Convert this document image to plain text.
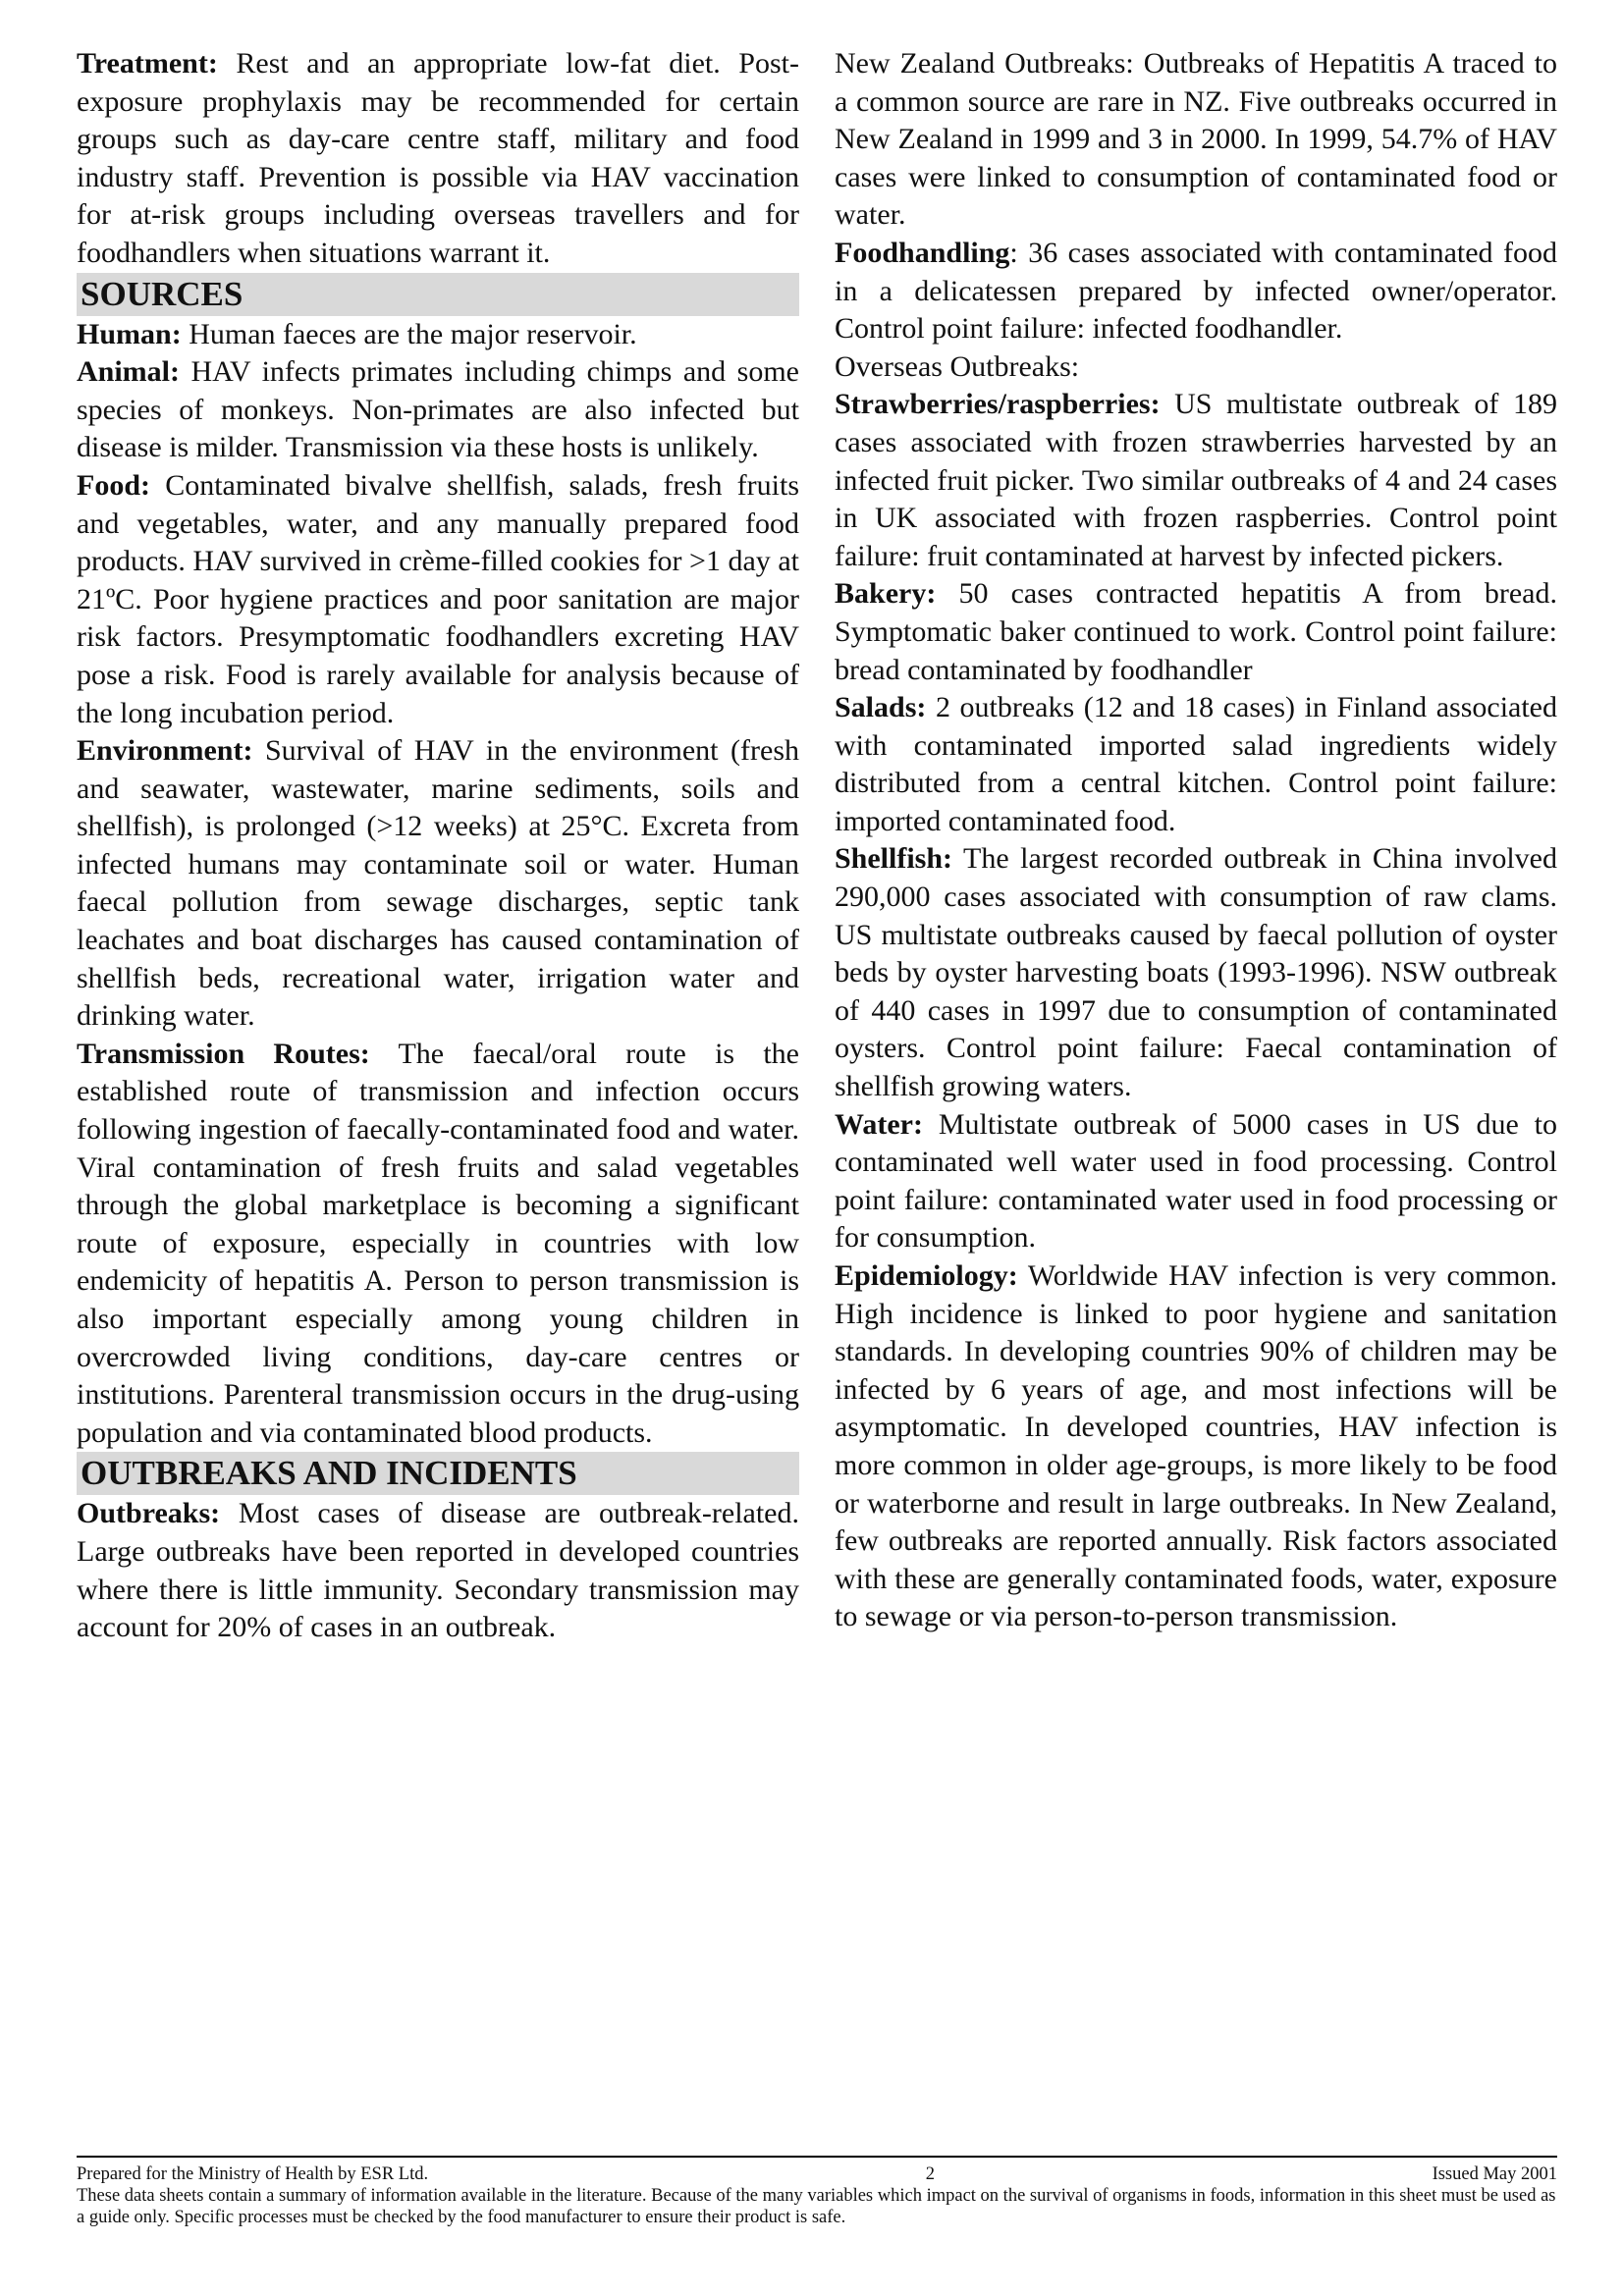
Treatment: Rest and an appropriate low-fat diet. Post-exposure prophylaxis may be recommended for certain groups such as day-care centre staff, military and food industry staff. Prevention is possible via HAV vaccination for at-risk groups including overseas travellers and for foodhandlers when situations warrant it.

SOURCES

Human: Human faeces are the major reservoir.

Animal: HAV infects primates including chimps and some species of monkeys. Non-primates are also infected but disease is milder. Transmission via these hosts is unlikely.

Food: Contaminated bivalve shellfish, salads, fresh fruits and vegetables, water, and any manually prepared food products. HAV survived in crème-filled cookies for >1 day at 21ºC. Poor hygiene practices and poor sanitation are major risk factors. Presymptomatic foodhandlers excreting HAV pose a risk. Food is rarely available for analysis because of the long incubation period.

Environment: Survival of HAV in the environment (fresh and seawater, wastewater, marine sediments, soils and shellfish), is prolonged (>12 weeks) at 25°C. Excreta from infected humans may contaminate soil or water. Human faecal pollution from sewage discharges, septic tank leachates and boat discharges has caused contamination of shellfish beds, recreational water, irrigation water and drinking water.

Transmission Routes: The faecal/oral route is the established route of transmission and infection occurs following ingestion of faecally-contaminated food and water. Viral contamination of fresh fruits and salad vegetables through the global marketplace is becoming a significant route of exposure, especially in countries with low endemicity of hepatitis A. Person to person transmission is also important especially among young children in overcrowded living conditions, day-care centres or institutions. Parenteral transmission occurs in the drug-using population and via contaminated blood products.

OUTBREAKS AND INCIDENTS

Outbreaks: Most cases of disease are outbreak-related. Large outbreaks have been reported in developed countries where there is little immunity. Secondary transmission may account for 20% of cases in an outbreak.

New Zealand Outbreaks: Outbreaks of Hepatitis A traced to a common source are rare in NZ. Five outbreaks occurred in New Zealand in 1999 and 3 in 2000. In 1999, 54.7% of HAV cases were linked to consumption of contaminated food or water.

Foodhandling: 36 cases associated with contaminated food in a delicatessen prepared by infected owner/operator. Control point failure: infected foodhandler.

Overseas Outbreaks:

Strawberries/raspberries: US multistate outbreak of 189 cases associated with frozen strawberries harvested by an infected fruit picker. Two similar outbreaks of 4 and 24 cases in UK associated with frozen raspberries. Control point failure: fruit contaminated at harvest by infected pickers.

Bakery: 50 cases contracted hepatitis A from bread. Symptomatic baker continued to work. Control point failure: bread contaminated by foodhandler

Salads: 2 outbreaks (12 and 18 cases) in Finland associated with contaminated imported salad ingredients widely distributed from a central kitchen. Control point failure: imported contaminated food.

Shellfish: The largest recorded outbreak in China involved 290,000 cases associated with consumption of raw clams. US multistate outbreaks caused by faecal pollution of oyster beds by oyster harvesting boats (1993-1996). NSW outbreak of 440 cases in 1997 due to consumption of contaminated oysters. Control point failure: Faecal contamination of shellfish growing waters.

Water: Multistate outbreak of 5000 cases in US due to contaminated well water used in food processing. Control point failure: contaminated water used in food processing or for consumption.

Epidemiology: Worldwide HAV infection is very common. High incidence is linked to poor hygiene and sanitation standards. In developing countries 90% of children may be infected by 6 years of age, and most infections will be asymptomatic. In developed countries, HAV infection is more common in older age-groups, is more likely to be food or waterborne and result in large outbreaks. In New Zealand, few outbreaks are reported annually. Risk factors associated with these are generally contaminated foods, water, exposure to sewage or via person-to-person transmission.

Prepared for the Ministry of Health by ESR Ltd.	2	Issued May 2001
These data sheets contain a summary of information available in the literature. Because of the many variables which impact on the survival of organisms in foods, information in this sheet must be used as a guide only. Specific processes must be checked by the food manufacturer to ensure their product is safe.
